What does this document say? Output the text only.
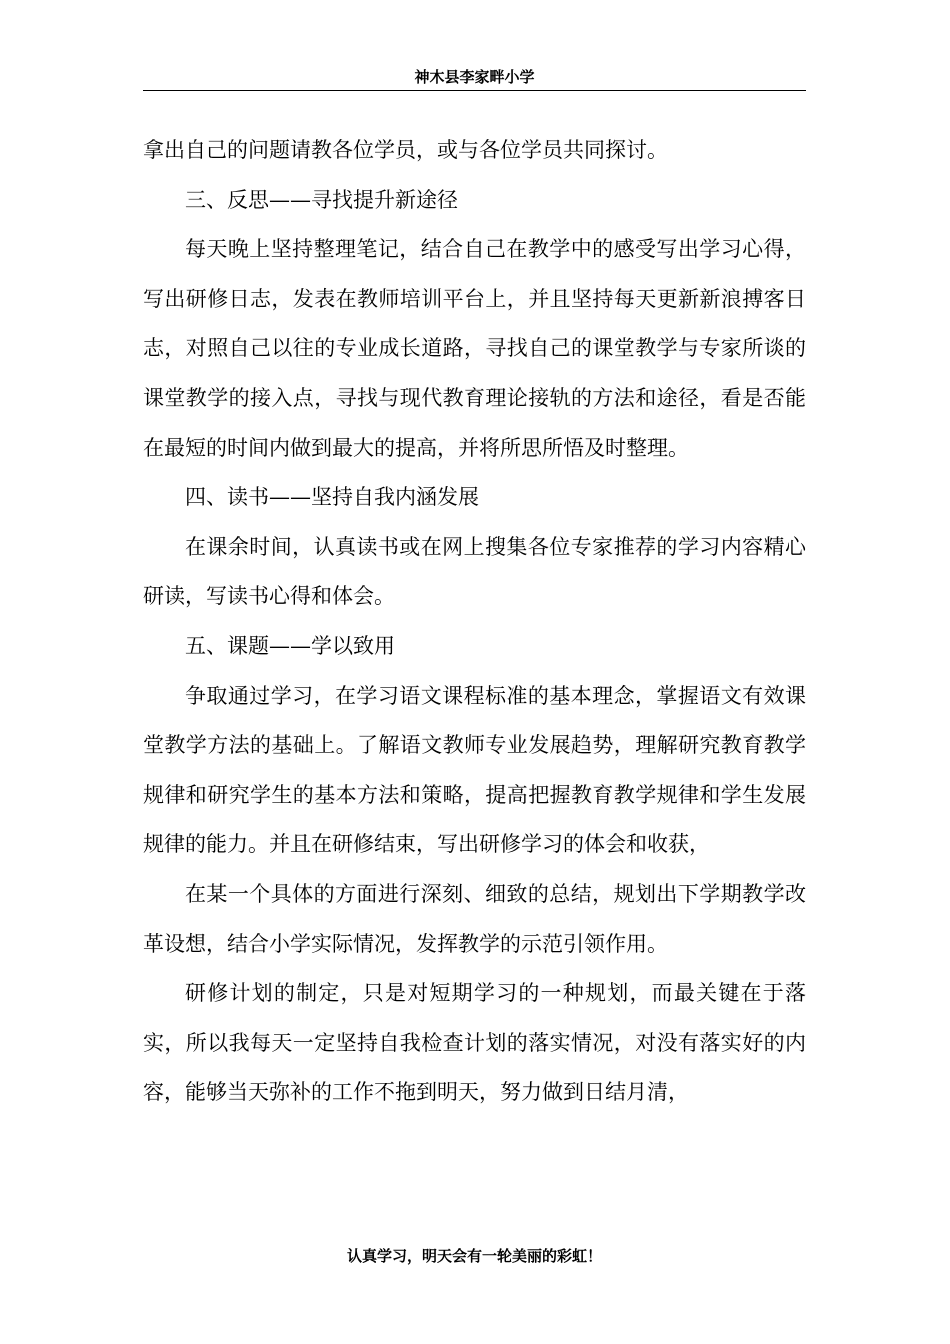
神木县李家畔小学

拿出自己的问题请教各位学员，或与各位学员共同探讨。

三、反思——寻找提升新途径

每天晚上坚持整理笔记，结合自己在教学中的感受写出学习心得，写出研修日志，发表在教师培训平台上，并且坚持每天更新新浪搏客日志，对照自己以往的专业成长道路，寻找自己的课堂教学与专家所谈的课堂教学的接入点，寻找与现代教育理论接轨的方法和途径，看是否能在最短的时间内做到最大的提高，并将所思所悟及时整理。

四、读书——坚持自我内涵发展

在课余时间，认真读书或在网上搜集各位专家推荐的学习内容精心研读，写读书心得和体会。

五、课题——学以致用

争取通过学习，在学习语文课程标准的基本理念，掌握语文有效课堂教学方法的基础上。了解语文教师专业发展趋势，理解研究教育教学规律和研究学生的基本方法和策略，提高把握教育教学规律和学生发展规律的能力。并且在研修结束，写出研修学习的体会和收获，

在某一个具体的方面进行深刻、细致的总结，规划出下学期教学改革设想，结合小学实际情况，发挥教学的示范引领作用。

研修计划的制定，只是对短期学习的一种规划，而最关键在于落实，所以我每天一定坚持自我检查计划的落实情况，对没有落实好的内容，能够当天弥补的工作不拖到明天，努力做到日结月清，

认真学习，明天会有一轮美丽的彩虹！
